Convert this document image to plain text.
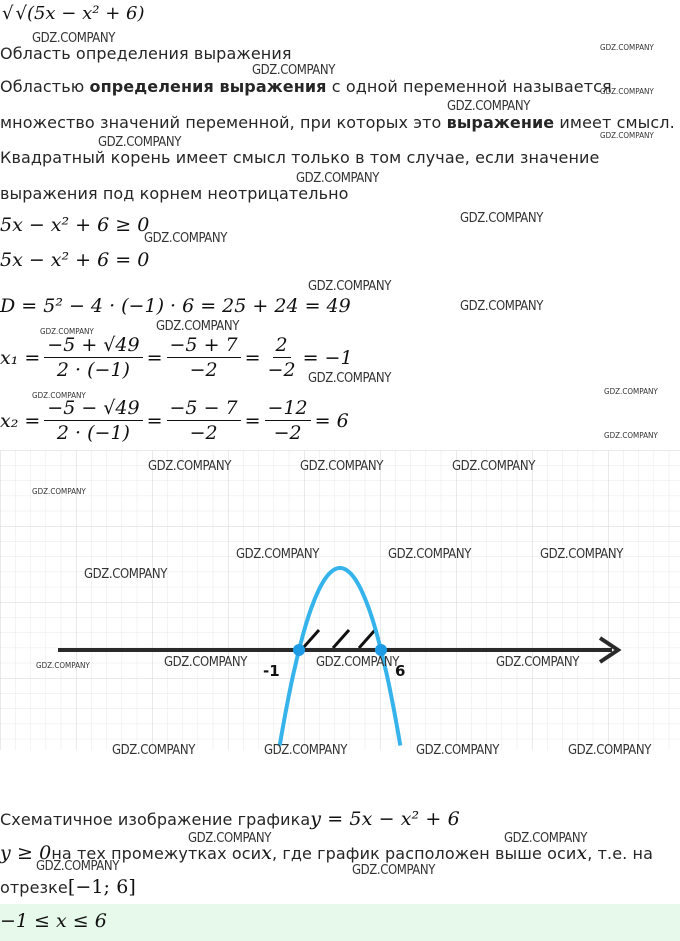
√ √(5x − x² + 6)
Область определения выражения
Областью определения выражения с одной переменной называется
множество значений переменной, при которых это выражение имеет смысл.
Квадратный корень имеет смысл только в том случае, если значение
выражения под корнем неотрицательно
5x − x² + 6 ≥ 0
5x − x² + 6 = 0
D = 5² − 4 · (−1) · 6 = 25 + 24 = 49
$x_1 = \frac{-5 + √49}{2 \cdot (-1)} = \frac{-5 + 7}{-2} = \frac{2}{-2} = -1$
$x_2 = \frac{-5 - √49}{2 \cdot (-1)} = \frac{-5 - 7}{-2} = \frac{-12}{-2} = 6$
-1	6
Схематичное изображение графика y = 5x − x² + 6
y ≥ 0 на тех промежутках оси x , где график расположен выше оси x , т.е. на
отрезке [−1; 6]
−1 ≤ x ≤ 6
GDZ.COMPANY
GDZ.COMPANY
GDZ.COMPANY
GDZ.COMPANY
GDZ.COMPANY
GDZ.COMPANY
GDZ.COMPANY
GDZ.COMPANY
GDZ.COMPANY
GDZ.COMPANY
GDZ.COMPANY
GDZ.COMPANY
GDZ.COMPANY	GDZ.COMPANY
GDZ.COMPANY
GDZ.COMPANY
GDZ.COMPANY
GDZ.COMPANY
GDZ.COMPANY	GDZ.COMPANY	GDZ.COMPANY
GDZ.COMPANY
GDZ.COMPANY	GDZ.COMPANY	GDZ.COMPANY
GDZ.COMPANY
GDZ.COMPANY	GDZ.COMPANY	GDZ.COMPANY	GDZ.COMPANY
GDZ.COMPANY	GDZ.COMPANY	GDZ.COMPANY	GDZ.COMPANY
GDZ.COMPANY	GDZ.COMPANY
GDZ.COMPANY	GDZ.COMPANY
